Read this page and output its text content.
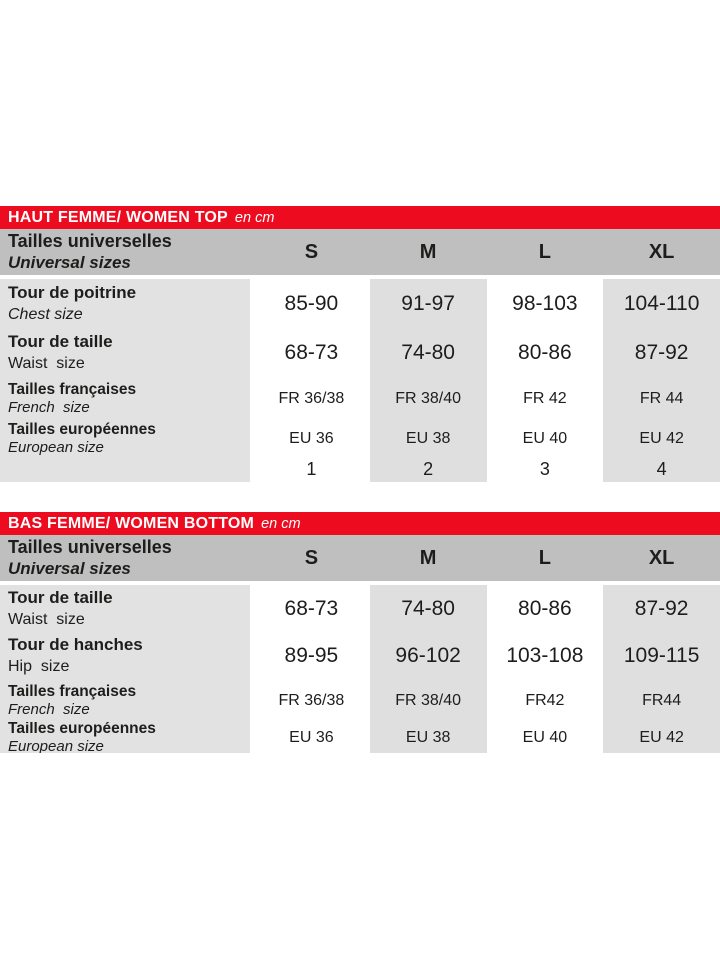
HAUT FEMME/ WOMEN TOP en cm
Tailles universelles
Universal sizes	S	M	L	XL
Tour de poitrine
Chest size	85-90	91-97	98-103	104-110
Tour de taille
Waist  size	68-73	74-80	80-86	87-92
Tailles françaises
French  size
FR 36/38	FR 38/40	FR 42	FR 44
Tailles européennes
European size
EU 36	EU 38	EU 40	EU 42
1	2	3	4
BAS FEMME/ WOMEN BOTTOM en cm
Tailles universelles
Universal sizes	S	M	L	XL
Tour de taille
Waist  size	68-73	74-80	80-86	87-92
Tour de hanches
Hip  size	89-95	96-102	103-108	109-115
Tailles françaises
French  size
FR 36/38	FR 38/40	FR42	FR44
Tailles européennes
European size
EU 36	EU 38	EU 40	EU 42
